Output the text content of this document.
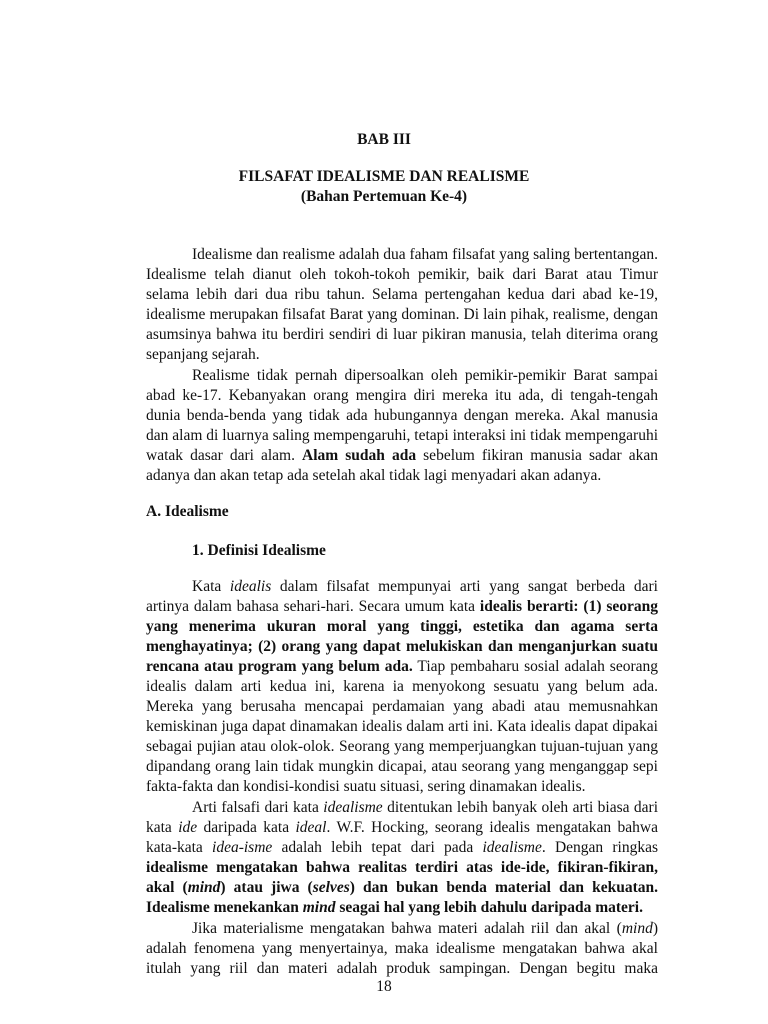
BAB III
FILSAFAT IDEALISME DAN REALISME
(Bahan Pertemuan Ke-4)
Idealisme dan realisme adalah dua faham filsafat yang saling bertentangan.
Idealisme telah dianut oleh tokoh-tokoh pemikir, baik dari Barat atau Timur
selama lebih dari dua ribu tahun. Selama pertengahan kedua dari abad ke-19,
idealisme merupakan filsafat Barat yang dominan. Di lain pihak, realisme, dengan
asumsinya bahwa itu berdiri sendiri di luar pikiran manusia, telah diterima orang
sepanjang sejarah.
Realisme tidak pernah dipersoalkan oleh pemikir-pemikir Barat sampai
abad ke-17. Kebanyakan orang mengira diri mereka itu ada, di tengah-tengah
dunia benda-benda yang tidak ada hubungannya dengan mereka. Akal manusia
dan alam di luarnya saling mempengaruhi, tetapi interaksi ini tidak mempengaruhi
watak dasar dari alam. Alam sudah ada sebelum fikiran manusia sadar akan
adanya dan akan tetap ada setelah akal tidak lagi menyadari akan adanya.
A. Idealisme
1. Definisi Idealisme
Kata idealis dalam filsafat mempunyai arti yang sangat berbeda dari
artinya dalam bahasa sehari-hari. Secara umum kata idealis berarti: (1) seorang
yang menerima ukuran moral yang tinggi, estetika dan agama serta
menghayatinya; (2) orang yang dapat melukiskan dan menganjurkan suatu
rencana atau program yang belum ada. Tiap pembaharu sosial adalah seorang
idealis dalam arti kedua ini, karena ia menyokong sesuatu yang belum ada.
Mereka yang berusaha mencapai perdamaian yang abadi atau memusnahkan
kemiskinan juga dapat dinamakan idealis dalam arti ini. Kata idealis dapat dipakai
sebagai pujian atau olok-olok. Seorang yang memperjuangkan tujuan-tujuan yang
dipandang orang lain tidak mungkin dicapai, atau seorang yang menganggap sepi
fakta-fakta dan kondisi-kondisi suatu situasi, sering dinamakan idealis.
Arti falsafi dari kata idealisme ditentukan lebih banyak oleh arti biasa dari
kata ide daripada kata ideal. W.F. Hocking, seorang idealis mengatakan bahwa
kata-kata idea-isme adalah lebih tepat dari pada idealisme. Dengan ringkas
idealisme mengatakan bahwa realitas terdiri atas ide-ide, fikiran-fikiran,
akal (mind) atau jiwa (selves) dan bukan benda material dan kekuatan.
Idealisme menekankan mind seagai hal yang lebih dahulu daripada materi.
Jika materialisme mengatakan bahwa materi adalah riil dan akal (mind)
adalah fenomena yang menyertainya, maka idealisme mengatakan bahwa akal
itulah yang riil dan materi adalah produk sampingan. Dengan begitu maka
18
